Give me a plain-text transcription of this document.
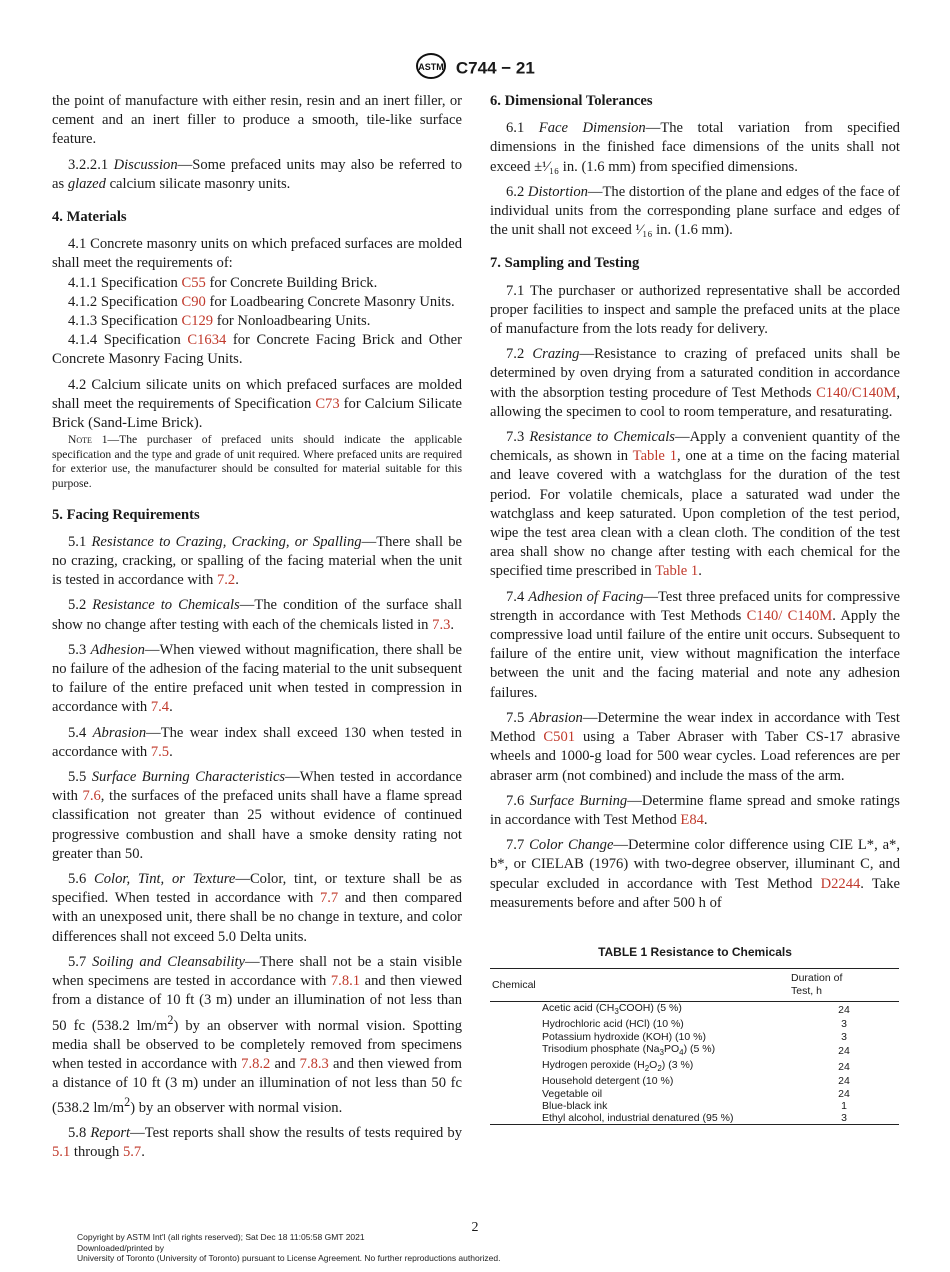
ASTM C744 − 21

the point of manufacture with either resin, resin and an inert filler, or cement and an inert filler to produce a smooth, tile-like surface feature.

3.2.2.1 Discussion—Some prefaced units may also be referred to as glazed calcium silicate masonry units.

4. Materials

4.1 Concrete masonry units on which prefaced surfaces are molded shall meet the requirements of:

4.1.1 Specification C55 for Concrete Building Brick.

4.1.2 Specification C90 for Loadbearing Concrete Masonry Units.

4.1.3 Specification C129 for Nonloadbearing Units.

4.1.4 Specification C1634 for Concrete Facing Brick and Other Concrete Masonry Facing Units.

4.2 Calcium silicate units on which prefaced surfaces are molded shall meet the requirements of Specification C73 for Calcium Silicate Brick (Sand-Lime Brick).

Note 1—The purchaser of prefaced units should indicate the applicable specification and the type and grade of unit required. Where prefaced units are required for exterior use, the manufacturer should be consulted for material suitable for this purpose.
5. Facing Requirements

5.1 Resistance to Crazing, Cracking, or Spalling—There shall be no crazing, cracking, or spalling of the facing material when the unit is tested in accordance with 7.2.

5.2 Resistance to Chemicals—The condition of the surface shall show no change after testing with each of the chemicals listed in 7.3.

5.3 Adhesion—When viewed without magnification, there shall be no failure of the adhesion of the facing material to the unit subsequent to failure of the entire prefaced unit when tested in compression in accordance with 7.4.

5.4 Abrasion—The wear index shall exceed 130 when tested in accordance with 7.5.

5.5 Surface Burning Characteristics—When tested in accordance with 7.6, the surfaces of the prefaced units shall have a flame spread classification not greater than 25 without evidence of continued progressive combustion and shall have a smoke density rating not greater than 50.

5.6 Color, Tint, or Texture—Color, tint, or texture shall be as specified. When tested in accordance with 7.7 and then compared with an unexposed unit, there shall be no change in texture, and color differences shall not exceed 5.0 Delta units.

5.7 Soiling and Cleansability—There shall not be a stain visible when specimens are tested in accordance with 7.8.1 and then viewed from a distance of 10 ft (3 m) under an illumination of not less than 50 fc (538.2 $lm/m^2$) by an observer with normal vision. Spotting media shall be observed to be completely removed from specimens when tested in accordance with 7.8.2 and 7.8.3 and then viewed from a distance of 10 ft (3 m) under an illumination of not less than 50 fc (538.2 $lm/m^2$) by an observer with normal vision.

5.8 Report—Test reports shall show the results of tests required by 5.1 through 5.7.

6. Dimensional Tolerances

6.1 Face Dimension—The total variation from specified dimensions in the finished face dimensions of the units shall not exceed ±¹⁄₁₆ in. (1.6 mm) from specified dimensions.

6.2 Distortion—The distortion of the plane and edges of the face of individual units from the corresponding plane surface and edges of the unit shall not exceed ¹⁄₁₆ in. (1.6 mm).

7. Sampling and Testing

7.1 The purchaser or authorized representative shall be accorded proper facilities to inspect and sample the prefaced units at the place of manufacture from the lots ready for delivery.

7.2 Crazing—Resistance to crazing of prefaced units shall be determined by oven drying from a saturated condition in accordance with the absorption testing procedure of Test Methods C140/C140M, allowing the specimen to cool to room temperature, and resaturating.

7.3 Resistance to Chemicals—Apply a convenient quantity of the chemicals, as shown in Table 1, one at a time on the facing material and leave covered with a watchglass for the duration of the test period. For volatile chemicals, place a saturated wad under the watchglass and keep saturated. Upon completion of the test period, wipe the test area clean with a clean cloth. The condition of the test area shall show no change after testing with each chemical for the specified time prescribed in Table 1.

7.4 Adhesion of Facing—Test three prefaced units for compressive strength in accordance with Test Methods C140/ C140M. Apply the compressive load until failure of the entire unit occurs. Subsequent to failure of the entire unit, view without magnification the interface between the unit and the facing material and note any adhesion failures.

7.5 Abrasion—Determine the wear index in accordance with Test Method C501 using a Taber Abraser with Taber CS-17 abrasive wheels and 1000-g load for 500 wear cycles. Load references are per abraser arm (not combined) and include the mass of the arm.

7.6 Surface Burning—Determine flame spread and smoke ratings in accordance with Test Method E84.

7.7 Color Change—Determine color difference using CIE L*, a*, b*, or CIELAB (1976) with two-degree observer, illuminant C, and specular excluded in accordance with Test Method D2244. Take measurements before and after 500 h of

TABLE 1 Resistance to Chemicals
Chemical	Duration of
Test, h
Acetic acid $(CH_3COOH)$ (5 %)	24
Hydrochloric acid (HCl) (10 %)	3
Potassium hydroxide (KOH) (10 %)	3
Trisodium phosphate $(Na_3PO_4)$ (5 %)	24
Hydrogen peroxide $(H_2O_2)$ (3 %)	24
Household detergent (10 %)	24
Vegetable oil	24
Blue-black ink	1
Ethyl alcohol, industrial denatured (95 %)	3
2
Copyright by ASTM Int'l (all rights reserved); Sat Dec 18 11:05:58 GMT 2021
Downloaded/printed by
University of Toronto (University of Toronto) pursuant to License Agreement. No further reproductions authorized.
